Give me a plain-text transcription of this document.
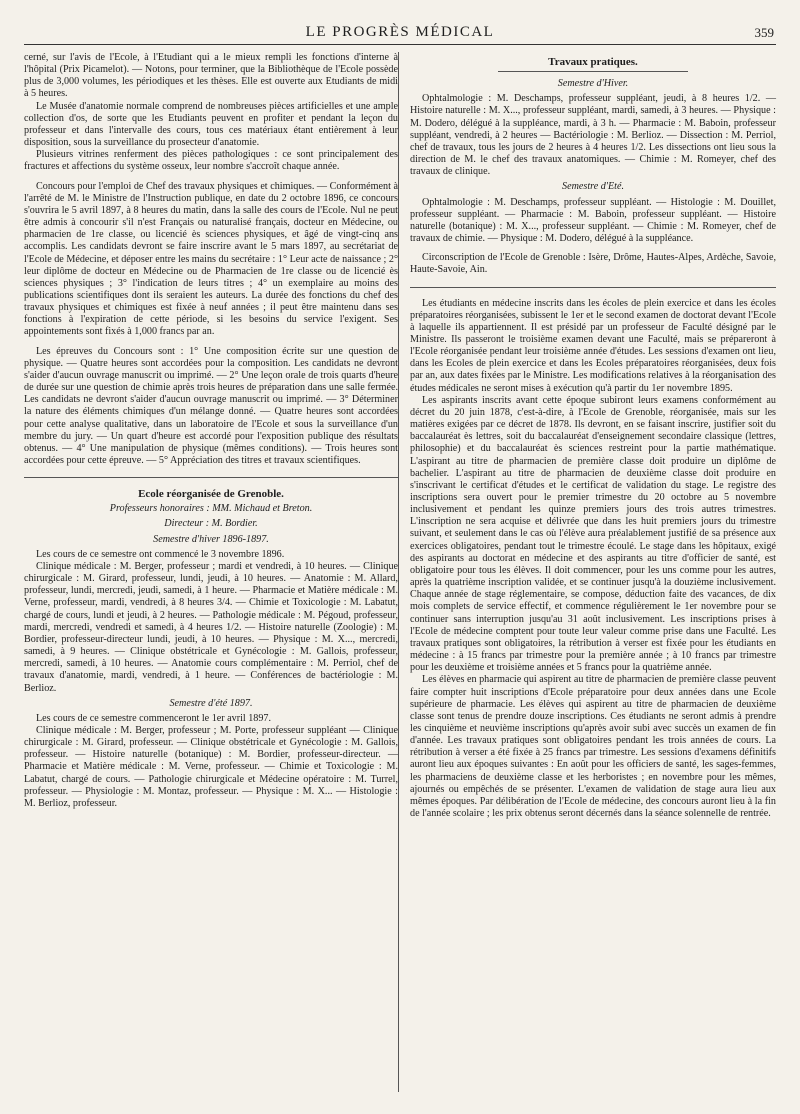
LE PROGRÈS MÉDICAL	359

cerné, sur l'avis de l'Ecole, à l'Etudiant qui a le mieux rempli les fonctions d'interne à l'hôpital (Prix Picamelot). — Notons, pour terminer, que la Bibliothèque de l'Ecole possède plus de 3,000 volumes, les périodiques et les thèses. Elle est ouverte aux Etudiants de midi à 5 heures.

Le Musée d'anatomie normale comprend de nombreuses pièces artificielles et une ample collection d'os, de sorte que les Etudiants peuvent en profiter et pendant la leçon du professeur et dans l'intervalle des cours, tous ces matériaux étant entièrement à leur disposition, sous la surveillance du prosecteur d'anatomie.

Plusieurs vitrines renferment des pièces pathologiques : ce sont principalement des fractures et affections du système osseux, leur nombre s'accroît chaque année.

Concours pour l'emploi de Chef des travaux physiques et chimiques. — Conformément à l'arrêté de M. le Ministre de l'Instruction publique, en date du 2 octobre 1896, ce concours s'ouvrira le 5 avril 1897, à 8 heures du matin, dans la salle des cours de l'Ecole. Nul ne peut être admis à concourir s'il n'est Français ou naturalisé français, docteur en Médecine, ou pharmacien de 1re classe, ou licencié ès sciences physiques, et âgé de vingt-cinq ans accomplis. Les candidats devront se faire inscrire avant le 5 mars 1897, au secrétariat de l'Ecole de Médecine, et déposer entre les mains du secrétaire : 1° Leur acte de naissance ; 2° leur diplôme de docteur en Médecine ou de Pharmacien de 1re classe ou de licencié ès sciences physiques ; 3° l'indication de leurs titres ; 4° un exemplaire au moins des publications scientifiques dont ils seraient les auteurs. La durée des fonctions du chef des travaux physiques et chimiques est fixée à neuf années ; il peut être maintenu dans ses fonctions à l'expiration de cette période, si les besoins du service l'exigent. Ses appointements sont fixés à 1,000 francs par an.

Les épreuves du Concours sont : 1° Une composition écrite sur une question de physique. — Quatre heures sont accordées pour la composition. Les candidats ne devront s'aider d'aucun ouvrage manuscrit ou imprimé. — 2° Une leçon orale de trois quarts d'heure de durée sur une question de chimie après trois heures de préparation dans une salle fermée. Les candidats ne devront s'aider d'aucun ouvrage manuscrit ou imprimé. — 3° Déterminer la nature des éléments chimiques d'un mélange donné. — Quatre heures sont accordées pour cette analyse qualitative, dans un laboratoire de l'Ecole et sous la surveillance d'un membre du jury. — Un quart d'heure est accordé pour l'exposition publique des résultats obtenus. — 4° Une manipulation de physique (mêmes conditions). — Trois heures sont accordées pour cette épreuve. — 5° Appréciation des titres et travaux scientifiques.

Ecole réorganisée de Grenoble.
Professeurs honoraires : MM. Michaud et Breton.
Directeur : M. Bordier.
Semestre d'hiver 1896-1897.

Les cours de ce semestre ont commencé le 3 novembre 1896.

Clinique médicale : M. Berger, professeur ; mardi et vendredi, à 10 heures. — Clinique chirurgicale : M. Girard, professeur, lundi, jeudi, à 10 heures. — Anatomie : M. Allard, professeur, lundi, mercredi, jeudi, samedi, à 1 heure. — Pharmacie et Matière médicale : M. Verne, professeur, mardi, vendredi, à 8 heures 3/4. — Chimie et Toxicologie : M. Labatut, chargé de cours, lundi et jeudi, à 2 heures. — Pathologie médicale : M. Pégoud, professeur, mardi, mercredi, vendredi et samedi, à 4 heures 1/2. — Histoire naturelle (Zoologie) : M. Bordier, professeur-directeur lundi, jeudi, à 10 heures. — Physique : M. X..., mercredi, samedi, à 9 heures. — Clinique obstétricale et Gynécologie : M. Gallois, professeur, mercredi, samedi, à 10 heures. — Anatomie cours complémentaire : M. Perriol, chef de travaux d'anatomie, mardi, vendredi, à 1 heure. — Conférences de bactériologie : M. Berlioz.

Semestre d'été 1897.

Les cours de ce semestre commenceront le 1er avril 1897.

Clinique médicale : M. Berger, professeur ; M. Porte, professeur suppléant — Clinique chirurgicale : M. Girard, professeur. — Clinique obstétricale et Gynécologie : M. Gallois, professeur. — Histoire naturelle (botanique) : M. Bordier, professeur-directeur. — Pharmacie et Matière médicale : M. Verne, professeur. — Chimie et Toxicologie : M. Labatut, chargé de cours. — Pathologie chirurgicale et Médecine opératoire : M. Turrel, professeur. — Physiologie : M. Montaz, professeur. — Physique : M. X... — Histologie : M. Berlioz, professeur.

Travaux pratiques.
Semestre d'Hiver.

Ophtalmologie : M. Deschamps, professeur suppléant, jeudi, à 8 heures 1/2. — Histoire naturelle : M. X..., professeur suppléant, mardi, samedi, à 3 heures. — Physique : M. Dodero, délégué à la suppléance, mardi, à 3 h. — Pharmacie : M. Baboin, professeur suppléant, vendredi, à 2 heures — Bactériologie : M. Berlioz. — Dissection : M. Perriol, chef de travaux, tous les jours de 2 heures à 4 heures 1/2. Les dissections ont lieu sous la direction de M. le chef des travaux anatomiques. — Chimie : M. Romeyer, chef des travaux de clinique.

Semestre d'Eté.

Ophtalmologie : M. Deschamps, professeur suppléant. — Histologie : M. Douillet, professeur suppléant. — Pharmacie : M. Baboin, professeur suppléant. — Histoire naturelle (botanique) : M. X..., professeur suppléant. — Chimie : M. Romeyer, chef de travaux de chimie. — Physique : M. Dodero, délégué à la suppléance.

Circonscription de l'Ecole de Grenoble : Isère, Drôme, Hautes-Alpes, Ardèche, Savoie, Haute-Savoie, Ain.

Les étudiants en médecine inscrits dans les écoles de plein exercice et dans les écoles préparatoires réorganisées, subissent le 1er et le second examen de doctorat devant l'Ecole à laquelle ils appartiennent. Il est présidé par un professeur de Faculté désigné par le Ministre. Ils passeront le troisième examen devant une Faculté, mais se prépareront à l'Ecole réorganisée pendant leur troisième année d'études. Les sessions d'examen ont lieu, dans les Ecoles de plein exercice et dans les Ecoles préparatoires réorganisées, deux fois par an, aux dates fixées par le Ministre. Les modifications relatives à la réorganisation des études médicales ne seront mises à exécution qu'à partir du 1er novembre 1895.

Les aspirants inscrits avant cette époque subiront leurs examens conformément au décret du 20 juin 1878, c'est-à-dire, à l'Ecole de Grenoble, réorganisée, mais sur les matières exigées par ce décret de 1878. Ils devront, en se faisant inscrire, justifier soit du baccalauréat ès lettres, soit du baccalauréat d'enseignement secondaire classique (lettres, philosophie) et du baccalauréat ès sciences restreint pour la partie mathématique. L'aspirant au titre de pharmacien de première classe doit produire un diplôme de bachelier. L'aspirant au titre de pharmacien de deuxième classe doit produire en s'inscrivant le certificat d'études et le certificat de validation du stage. Le registre des inscriptions sera ouvert pour le premier trimestre du 20 octobre au 5 novembre inclusivement et pendant les quinze premiers jours des trois autres trimestres. L'inscription ne sera acquise et délivrée que dans les huit premiers jours du trimestre suivant, et seulement dans le cas où l'élève aura préalablement justifié de sa présence aux exercices obligatoires, pendant tout le trimestre écoulé. Le stage dans les hôpitaux, exigé des aspirants au doctorat en médecine et des aspirants au titre d'officier de santé, est obligatoire pour tous les élèves. Il doit commencer, pour les uns comme pour les autres, après la quatrième inscription validée, et se continuer jusqu'à la douzième inclusivement. Chaque année de stage réglementaire, se compose, déduction faite des vacances, de dix mois complets de service effectif, et commence régulièrement le 1er novembre pour se continuer sans interruption jusqu'au 31 août inclusivement. Les inscriptions prises à l'Ecole de médecine comptent pour toute leur valeur comme prise dans une Faculté. Les travaux pratiques sont obligatoires, la rétribution à verser est fixée pour les étudiants en médecine : à 15 francs par trimestre pour la première année ; à 10 francs par trimestre pour les deuxième et troisième années et 5 francs pour la quatrième année.

Les élèves en pharmacie qui aspirent au titre de pharmacien de première classe peuvent faire compter huit inscriptions d'Ecole préparatoire pour deux années dans une Ecole supérieure de pharmacie. Les élèves qui aspirent au titre de pharmacien de deuxième classe sont tenus de prendre douze inscriptions. Ces étudiants ne seront admis à prendre les cinquième et neuvième inscriptions qu'après avoir subi avec succès un examen de fin d'année. Les travaux pratiques sont obligatoires pendant les trois années de cours. La rétribution à verser a été fixée à 25 francs par trimestre. Les sessions d'examens définitifs auront lieu aux époques suivantes : En août pour les officiers de santé, les sages-femmes, les pharmaciens de deuxième classe et les herboristes ; en novembre pour les mêmes, ajournés ou empêchés de se présenter. L'examen de validation de stage aura lieu aux mêmes époques. Par délibération de l'Ecole de médecine, des concours auront lieu à la fin de l'année scolaire ; les prix obtenus seront décernés dans la séance solennelle de rentrée.
